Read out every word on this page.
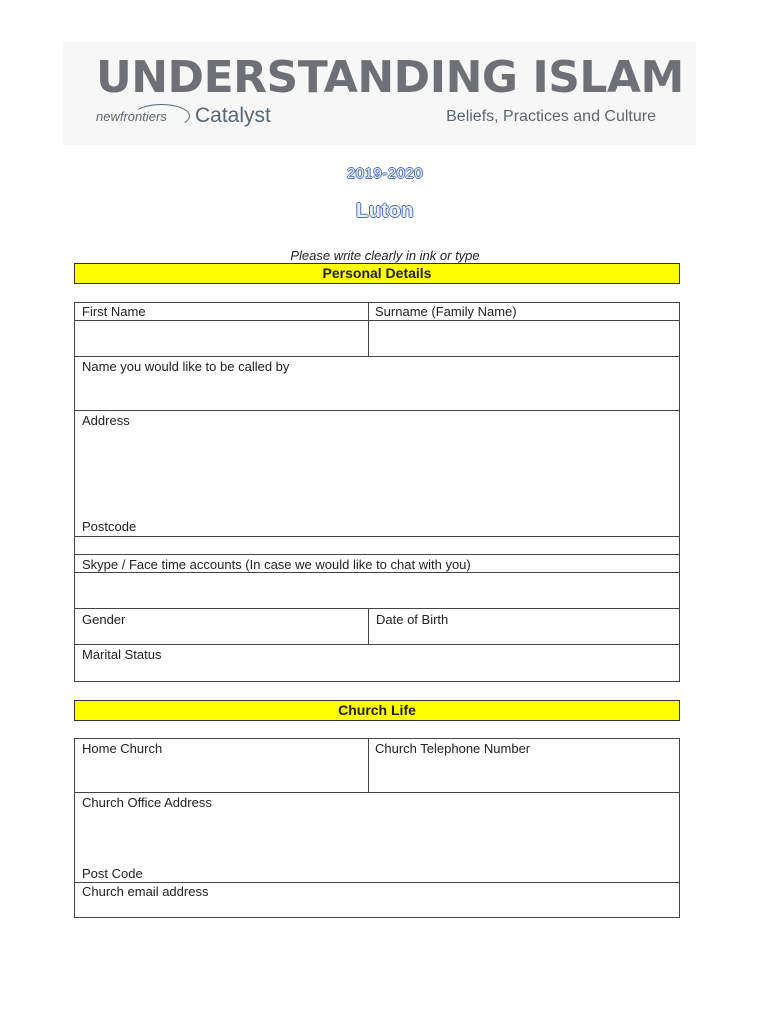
UNDERSTANDING ISLAM
newfrontiers Catalyst	Beliefs, Practices and Culture
2019-2020
Luton
Please write clearly in ink or type
Personal Details
First Name	Surname (Family Name)
Name you would like to be called by
Address
Postcode
Skype / Face time accounts (In case we would like to chat with you)
Gender	Date of Birth
Marital Status
Church Life
Home Church	Church Telephone Number
Church Office Address
Post Code
Church email address
